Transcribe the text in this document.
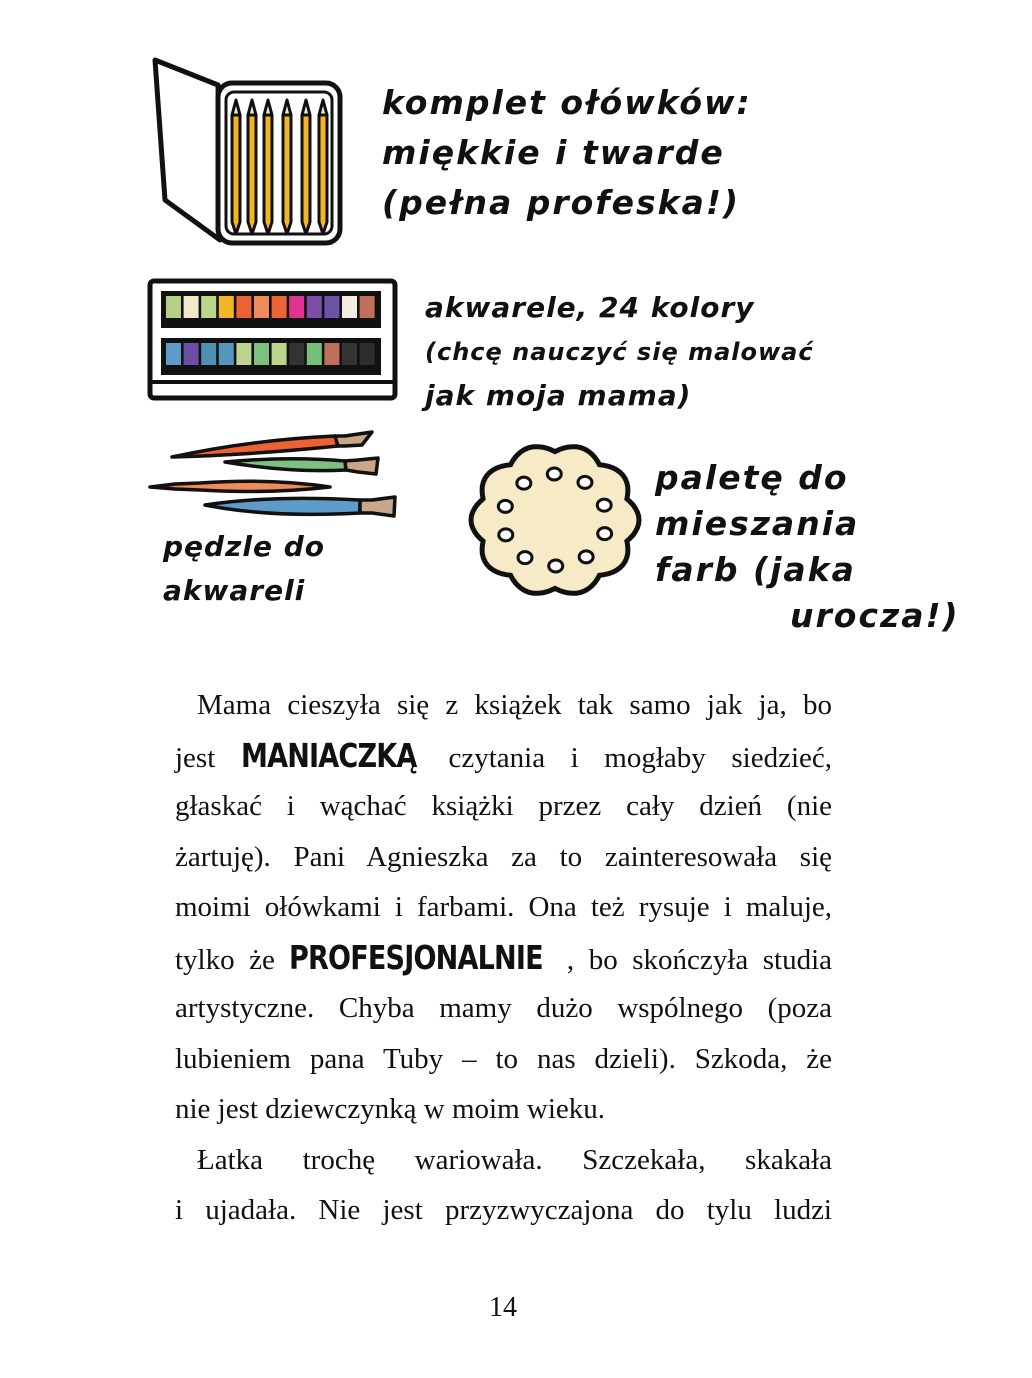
komplet ołówków:
miękkie i twarde
(pełna profeska!)
akwarele, 24 kolory
(chcę nauczyć się malować
jak moja mama)
pędzle do
akwareli
paletę do
mieszania
farb (jaka
urocza!)
Mama cieszyła się z książek tak samo jak ja, bo
jest MANIACZKĄ czytania i mogłaby siedzieć,
głaskać i wąchać książki przez cały dzień (nie
żartuję). Pani Agnieszka za to zainteresowała się
moimi ołówkami i farbami. Ona też rysuje i maluje,
tylko że PROFESJONALNIE , bo skończyła studia
artystyczne. Chyba mamy dużo wspólnego (poza
lubieniem pana Tuby – to nas dzieli). Szkoda, że
nie jest dziewczynką w moim wieku.
Łatka trochę wariowała. Szczekała, skakała
i ujadała. Nie jest przyzwyczajona do tylu ludzi
14
